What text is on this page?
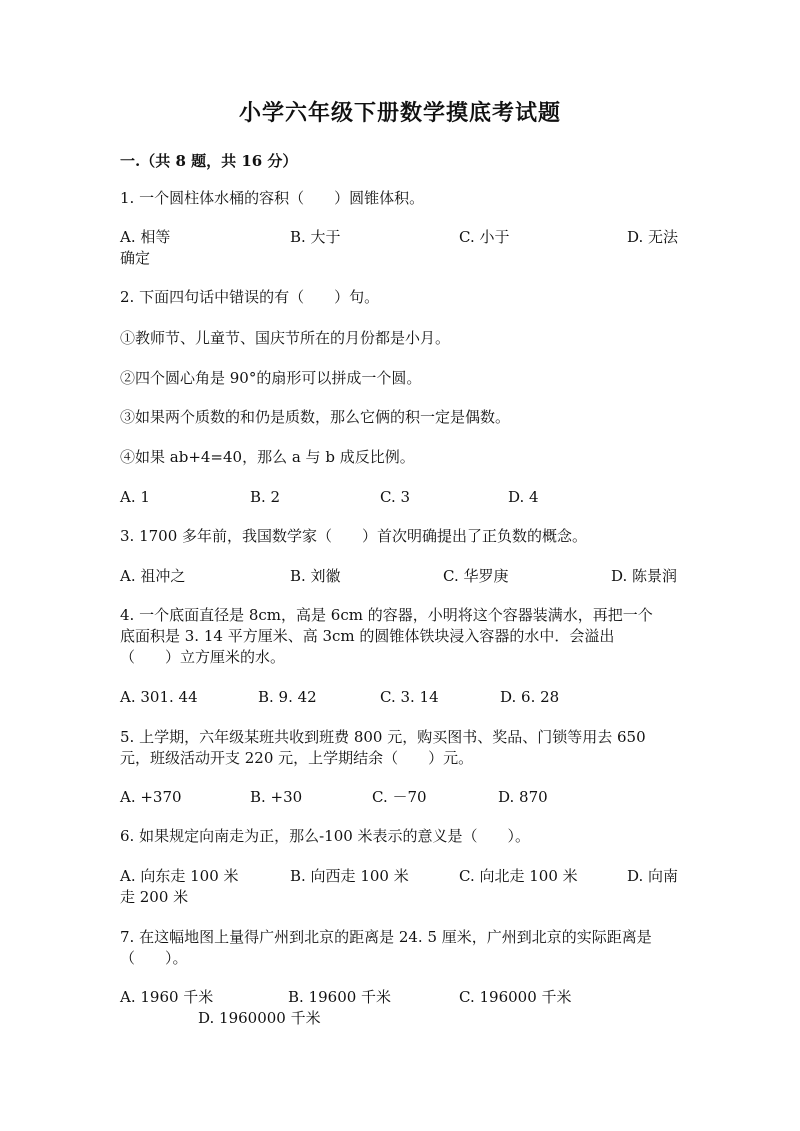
小学六年级下册数学摸底考试题
一.（共 8 题，共 16 分）
1. 一个圆柱体水桶的容积（　　）圆锥体积。
A. 相等	B. 大于	C. 小于	D. 无法
确定
2. 下面四句话中错误的有（　　）句。
①教师节、儿童节、国庆节所在的月份都是小月。
②四个圆心角是 90°的扇形可以拼成一个圆。
③如果两个质数的和仍是质数，那么它俩的积一定是偶数。
④如果 ab+4=40，那么 a 与 b 成反比例。
A. 1	B. 2	C. 3	D. 4
3. 1700 多年前，我国数学家（　　）首次明确提出了正负数的概念。
A. 祖冲之	B. 刘徽	C. 华罗庚	D. 陈景润
4. 一个底面直径是 8cm，高是 6cm 的容器，小明将这个容器装满水，再把一个
底面积是 3. 14 平方厘米、高 3cm 的圆锥体铁块浸入容器的水中．会溢出
（　　）立方厘米的水。
A. 301. 44	B. 9. 42	C. 3. 14	D. 6. 28
5. 上学期，六年级某班共收到班费 800 元，购买图书、奖品、门锁等用去 650
元，班级活动开支 220 元，上学期结余（　　）元。
A. +370	B. +30	C. －70	D. 870
6. 如果规定向南走为正，那么-100 米表示的意义是（　　）。
A. 向东走 100 米	B. 向西走 100 米	C. 向北走 100 米	D. 向南
走 200 米
7. 在这幅地图上量得广州到北京的距离是 24. 5 厘米，广州到北京的实际距离是
（　　）。
A. 1960 千米	B. 19600 千米	C. 196000 千米
D. 1960000 千米
